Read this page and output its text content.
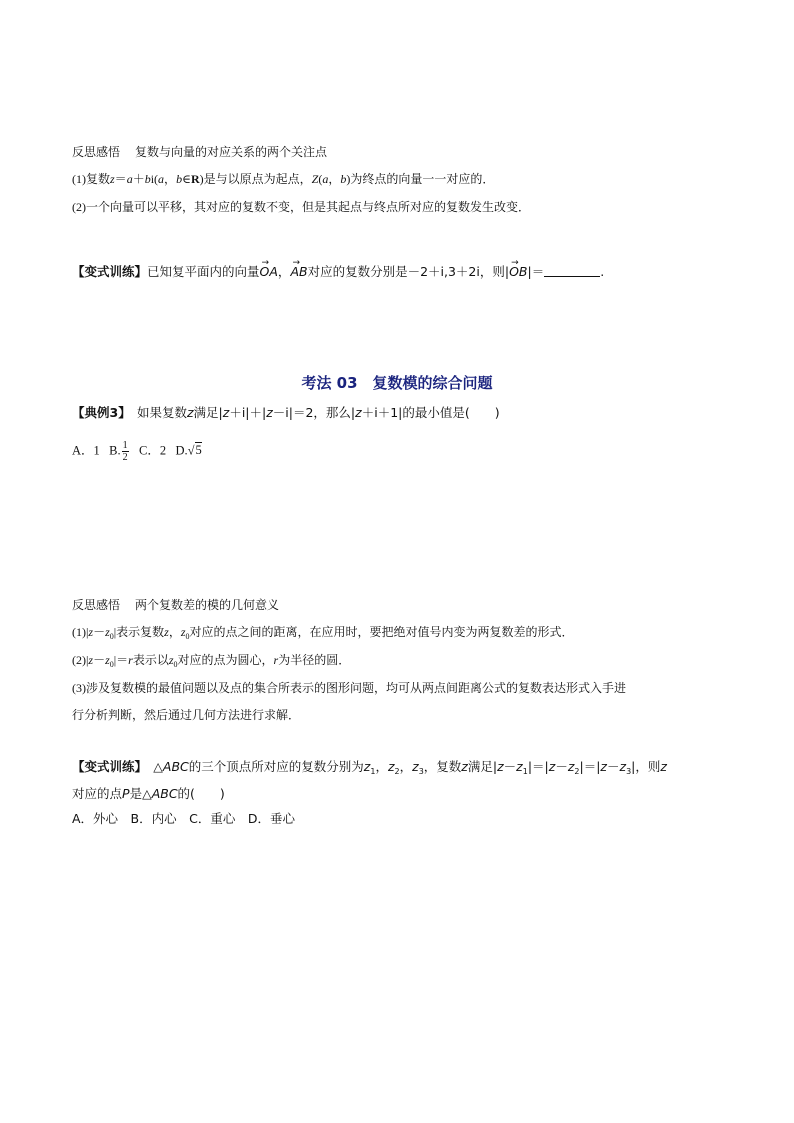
反思感悟　 复数与向量的对应关系的两个关注点
(1)复数z＝a＋bi(a，b∈R)是与以原点为起点，Z(a，b)为终点的向量一一对应的．
(2)一个向量可以平移，其对应的复数不变，但是其起点与终点所对应的复数发生改变．
【变式训练】已知复平面内的向量→ OA，→ AB对应的复数分别是－2＋i,3＋2i，则|→ OB|＝	.
考法 03　复数模的综合问题
【典例3】　 如果复数z满足|z＋i|＋|z－i|＝2，那么|z＋i＋1|的最小值是(　　)
A．1 B. $\frac{1}{2}$ C．2 D.√5
反思感悟　 两个复数差的模的几何意义
$(1)|z-z_0|$表示复数z，$z_0$对应的点之间的距离，在应用时，要把绝对值号内变为两复数差的形式．
$(2)|z-z_0|=r$表示以$z_0$对应的点为圆心，r为半径的圆．
(3)涉及复数模的最值问题以及点的集合所表示的图形问题，均可从两点间距离公式的复数表达形式入手进
行分析判断，然后通过几何方法进行求解．
【变式训练】　 △ABC的三个顶点所对应的复数分别为$z_1$，$z_2$，$z_3$，复数z满足$|z-z_1|=|z-z_2|=|z-z_3|$，则z
对应的点P是△ABC的(　　)
A．外心　B．内心　C．重心　D．垂心
